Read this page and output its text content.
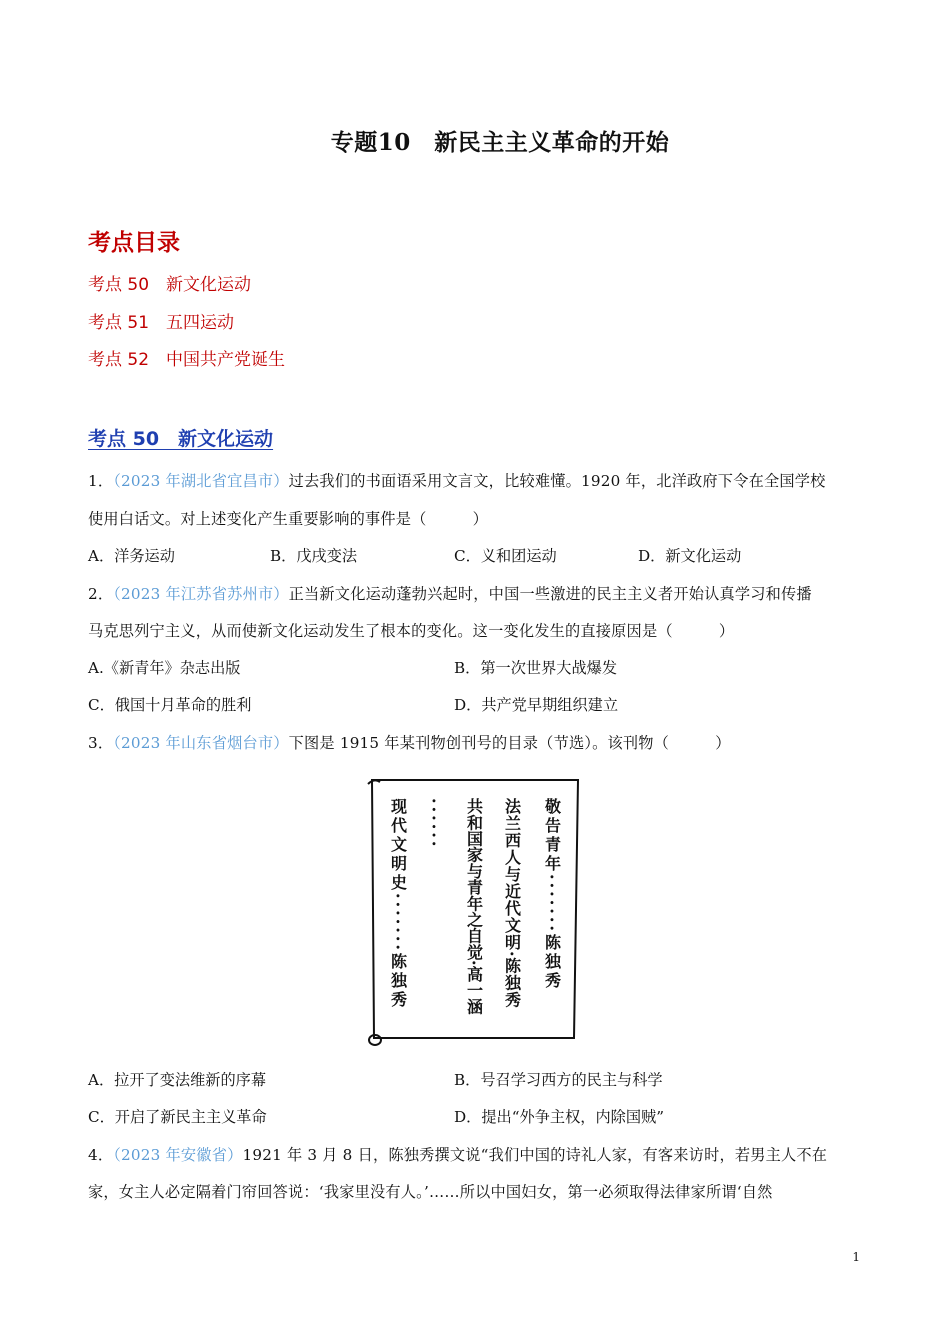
专题10　新民主主义革命的开始
考点目录
考点 50　新文化运动
考点 51　五四运动
考点 52　中国共产党诞生
考点 50　新文化运动
1．（2023 年湖北省宜昌市）过去我们的书面语采用文言文，比较难懂。1920 年，北洋政府下令在全国学校
使用白话文。对上述变化产生重要影响的事件是（　　　）
A．洋务运动	B．戊戌变法	C．义和团运动	D．新文化运动
2．（2023 年江苏省苏州市）正当新文化运动蓬勃兴起时，中国一些激进的民主主义者开始认真学习和传播
马克思列宁主义，从而使新文化运动发生了根本的变化。这一变化发生的直接原因是（　　　）
A.《新青年》杂志出版	B．第一次世界大战爆发
C．俄国十月革命的胜利	D．共产党早期组织建立
3．（2023 年山东省烟台市）下图是 1915 年某刊物创刊号的目录（节选）。该刊物（　　　）
敬告青年·······陈独秀
法兰西人与近代文明·陈独秀
共和国家与青年之自觉·高一涵
······
现代文明史·······陈独秀
A．拉开了变法维新的序幕	B．号召学习西方的民主与科学
C．开启了新民主主义革命	D．提出“外争主权，内除国贼”
4．（2023 年安徽省）1921 年 3 月 8 日，陈独秀撰文说“我们中国的诗礼人家，有客来访时，若男主人不在
家，女主人必定隔着门帘回答说：‘我家里没有人。’……所以中国妇女，第一必须取得法律家所谓‘自然
1
